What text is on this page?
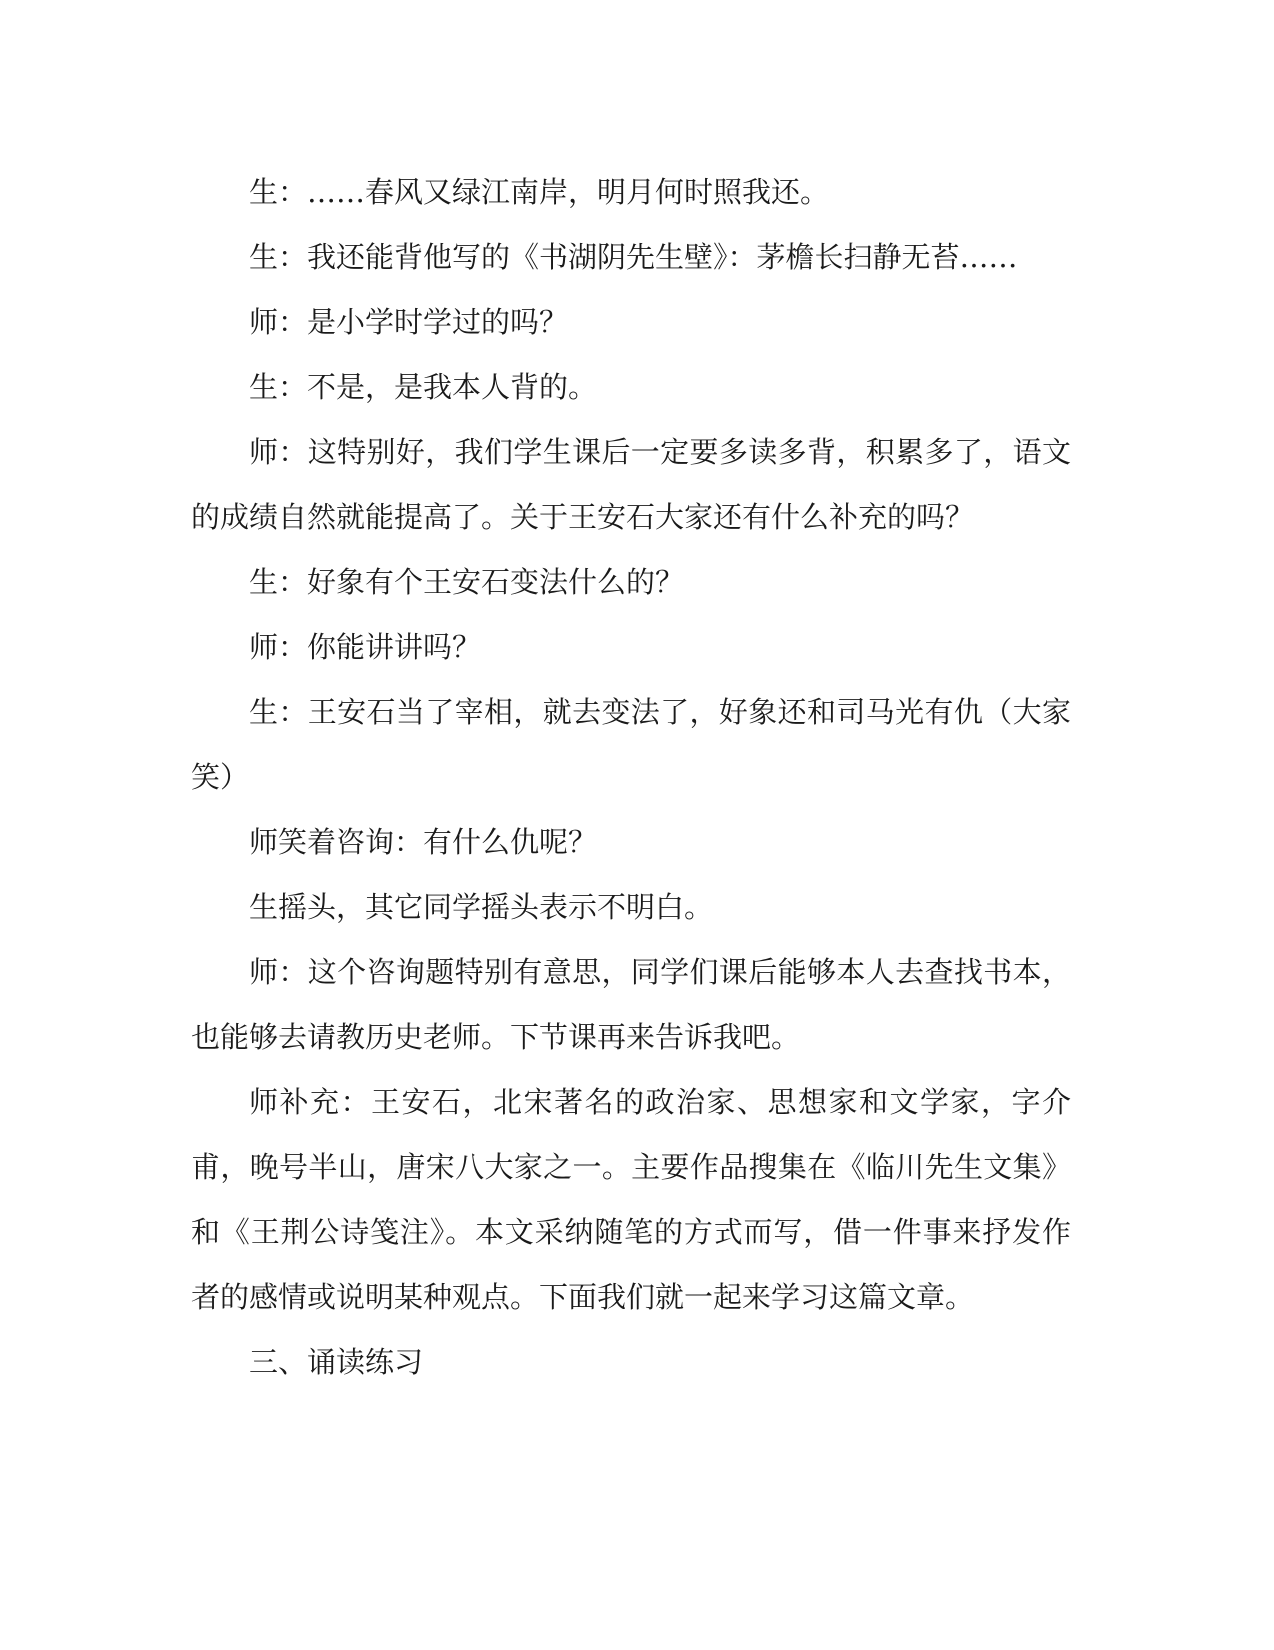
生：……春风又绿江南岸，明月何时照我还。

生：我还能背他写的《书湖阴先生壁》：茅檐长扫静无苔……

师：是小学时学过的吗？

生：不是，是我本人背的。

师：这特别好，我们学生课后一定要多读多背，积累多了，语文的成绩自然就能提高了。关于王安石大家还有什么补充的吗？

生：好象有个王安石变法什么的？

师：你能讲讲吗？

生：王安石当了宰相，就去变法了，好象还和司马光有仇（大家笑）

师笑着咨询：有什么仇呢？

生摇头，其它同学摇头表示不明白。

师：这个咨询题特别有意思，同学们课后能够本人去查找书本，也能够去请教历史老师。下节课再来告诉我吧。

师补充：王安石，北宋著名的政治家、思想家和文学家，字介甫，晚号半山，唐宋八大家之一。主要作品搜集在《临川先生文集》和《王荆公诗笺注》。本文采纳随笔的方式而写，借一件事来抒发作者的感情或说明某种观点。下面我们就一起来学习这篇文章。

三、诵读练习
